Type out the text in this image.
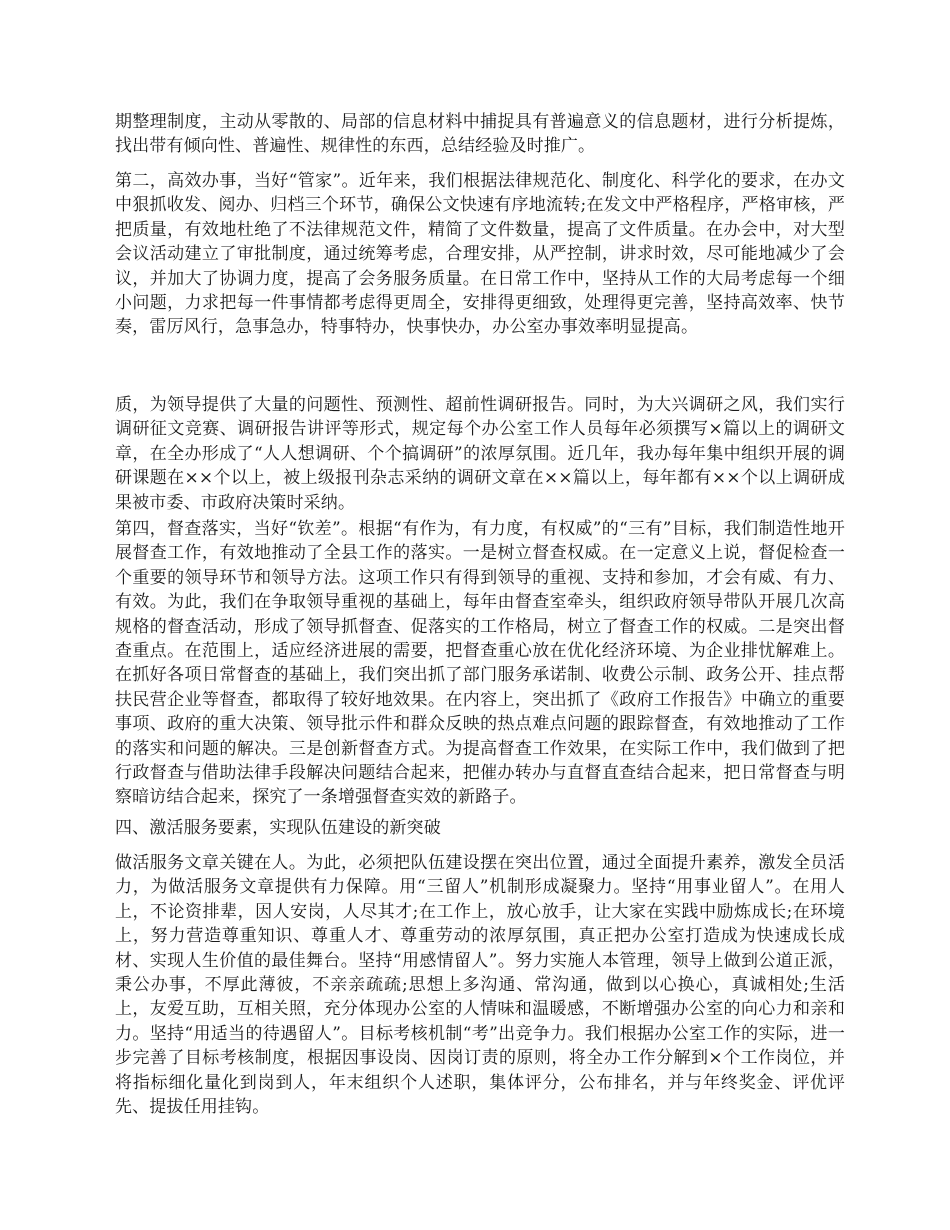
期整理制度，主动从零散的、局部的信息材料中捕捉具有普遍意义的信息题材，进行分析提炼，找出带有倾向性、普遍性、规律性的东西，总结经验及时推广。

第二，高效办事，当好“管家”。近年来，我们根据法律规范化、制度化、科学化的要求，在办文中狠抓收发、阅办、归档三个环节，确保公文快速有序地流转;在发文中严格程序，严格审核，严把质量，有效地杜绝了不法律规范文件，精简了文件数量，提高了文件质量。在办会中，对大型会议活动建立了审批制度，通过统筹考虑，合理安排，从严控制，讲求时效，尽可能地减少了会议，并加大了协调力度，提高了会务服务质量。在日常工作中，坚持从工作的大局考虑每一个细小问题，力求把每一件事情都考虑得更周全，安排得更细致，处理得更完善，坚持高效率、快节奏，雷厉风行，急事急办，特事特办，快事快办，办公室办事效率明显提高。

质，为领导提供了大量的问题性、预测性、超前性调研报告。同时，为大兴调研之风，我们实行调研征文竞赛、调研报告讲评等形式，规定每个办公室工作人员每年必须撰写×篇以上的调研文章，在全办形成了“人人想调研、个个搞调研”的浓厚氛围。近几年，我办每年集中组织开展的调研课题在××个以上，被上级报刊杂志采纳的调研文章在××篇以上，每年都有××个以上调研成果被市委、市政府决策时采纳。

第四，督查落实，当好“钦差”。根据“有作为，有力度，有权威”的“三有”目标，我们制造性地开展督查工作，有效地推动了全县工作的落实。一是树立督查权威。在一定意义上说，督促检查一个重要的领导环节和领导方法。这项工作只有得到领导的重视、支持和参加，才会有威、有力、有效。为此，我们在争取领导重视的基础上，每年由督查室牵头，组织政府领导带队开展几次高规格的督查活动，形成了领导抓督查、促落实的工作格局，树立了督查工作的权威。二是突出督查重点。在范围上，适应经济进展的需要，把督查重心放在优化经济环境、为企业排忧解难上。在抓好各项日常督查的基础上，我们突出抓了部门服务承诺制、收费公示制、政务公开、挂点帮扶民营企业等督查，都取得了较好地效果。在内容上，突出抓了《政府工作报告》中确立的重要事项、政府的重大决策、领导批示件和群众反映的热点难点问题的跟踪督查，有效地推动了工作的落实和问题的解决。三是创新督查方式。为提高督查工作效果，在实际工作中，我们做到了把行政督查与借助法律手段解决问题结合起来，把催办转办与直督直查结合起来，把日常督查与明察暗访结合起来，探究了一条增强督查实效的新路子。

四、激活服务要素，实现队伍建设的新突破

做活服务文章关键在人。为此，必须把队伍建设摆在突出位置，通过全面提升素养，激发全员活力，为做活服务文章提供有力保障。用“三留人”机制形成凝聚力。坚持“用事业留人”。在用人上，不论资排辈，因人安岗，人尽其才;在工作上，放心放手，让大家在实践中励炼成长;在环境上，努力营造尊重知识、尊重人才、尊重劳动的浓厚氛围，真正把办公室打造成为快速成长成材、实现人生价值的最佳舞台。坚持“用感情留人”。努力实施人本管理，领导上做到公道正派，秉公办事，不厚此薄彼，不亲亲疏疏;思想上多沟通、常沟通，做到以心换心，真诚相处;生活上，友爱互助，互相关照，充分体现办公室的人情味和温暖感，不断增强办公室的向心力和亲和力。坚持“用适当的待遇留人”。目标考核机制“考”出竞争力。我们根据办公室工作的实际，进一步完善了目标考核制度，根据因事设岗、因岗订责的原则，将全办工作分解到×个工作岗位，并将指标细化量化到岗到人，年末组织个人述职，集体评分，公布排名，并与年终奖金、评优评先、提拔任用挂钩。
